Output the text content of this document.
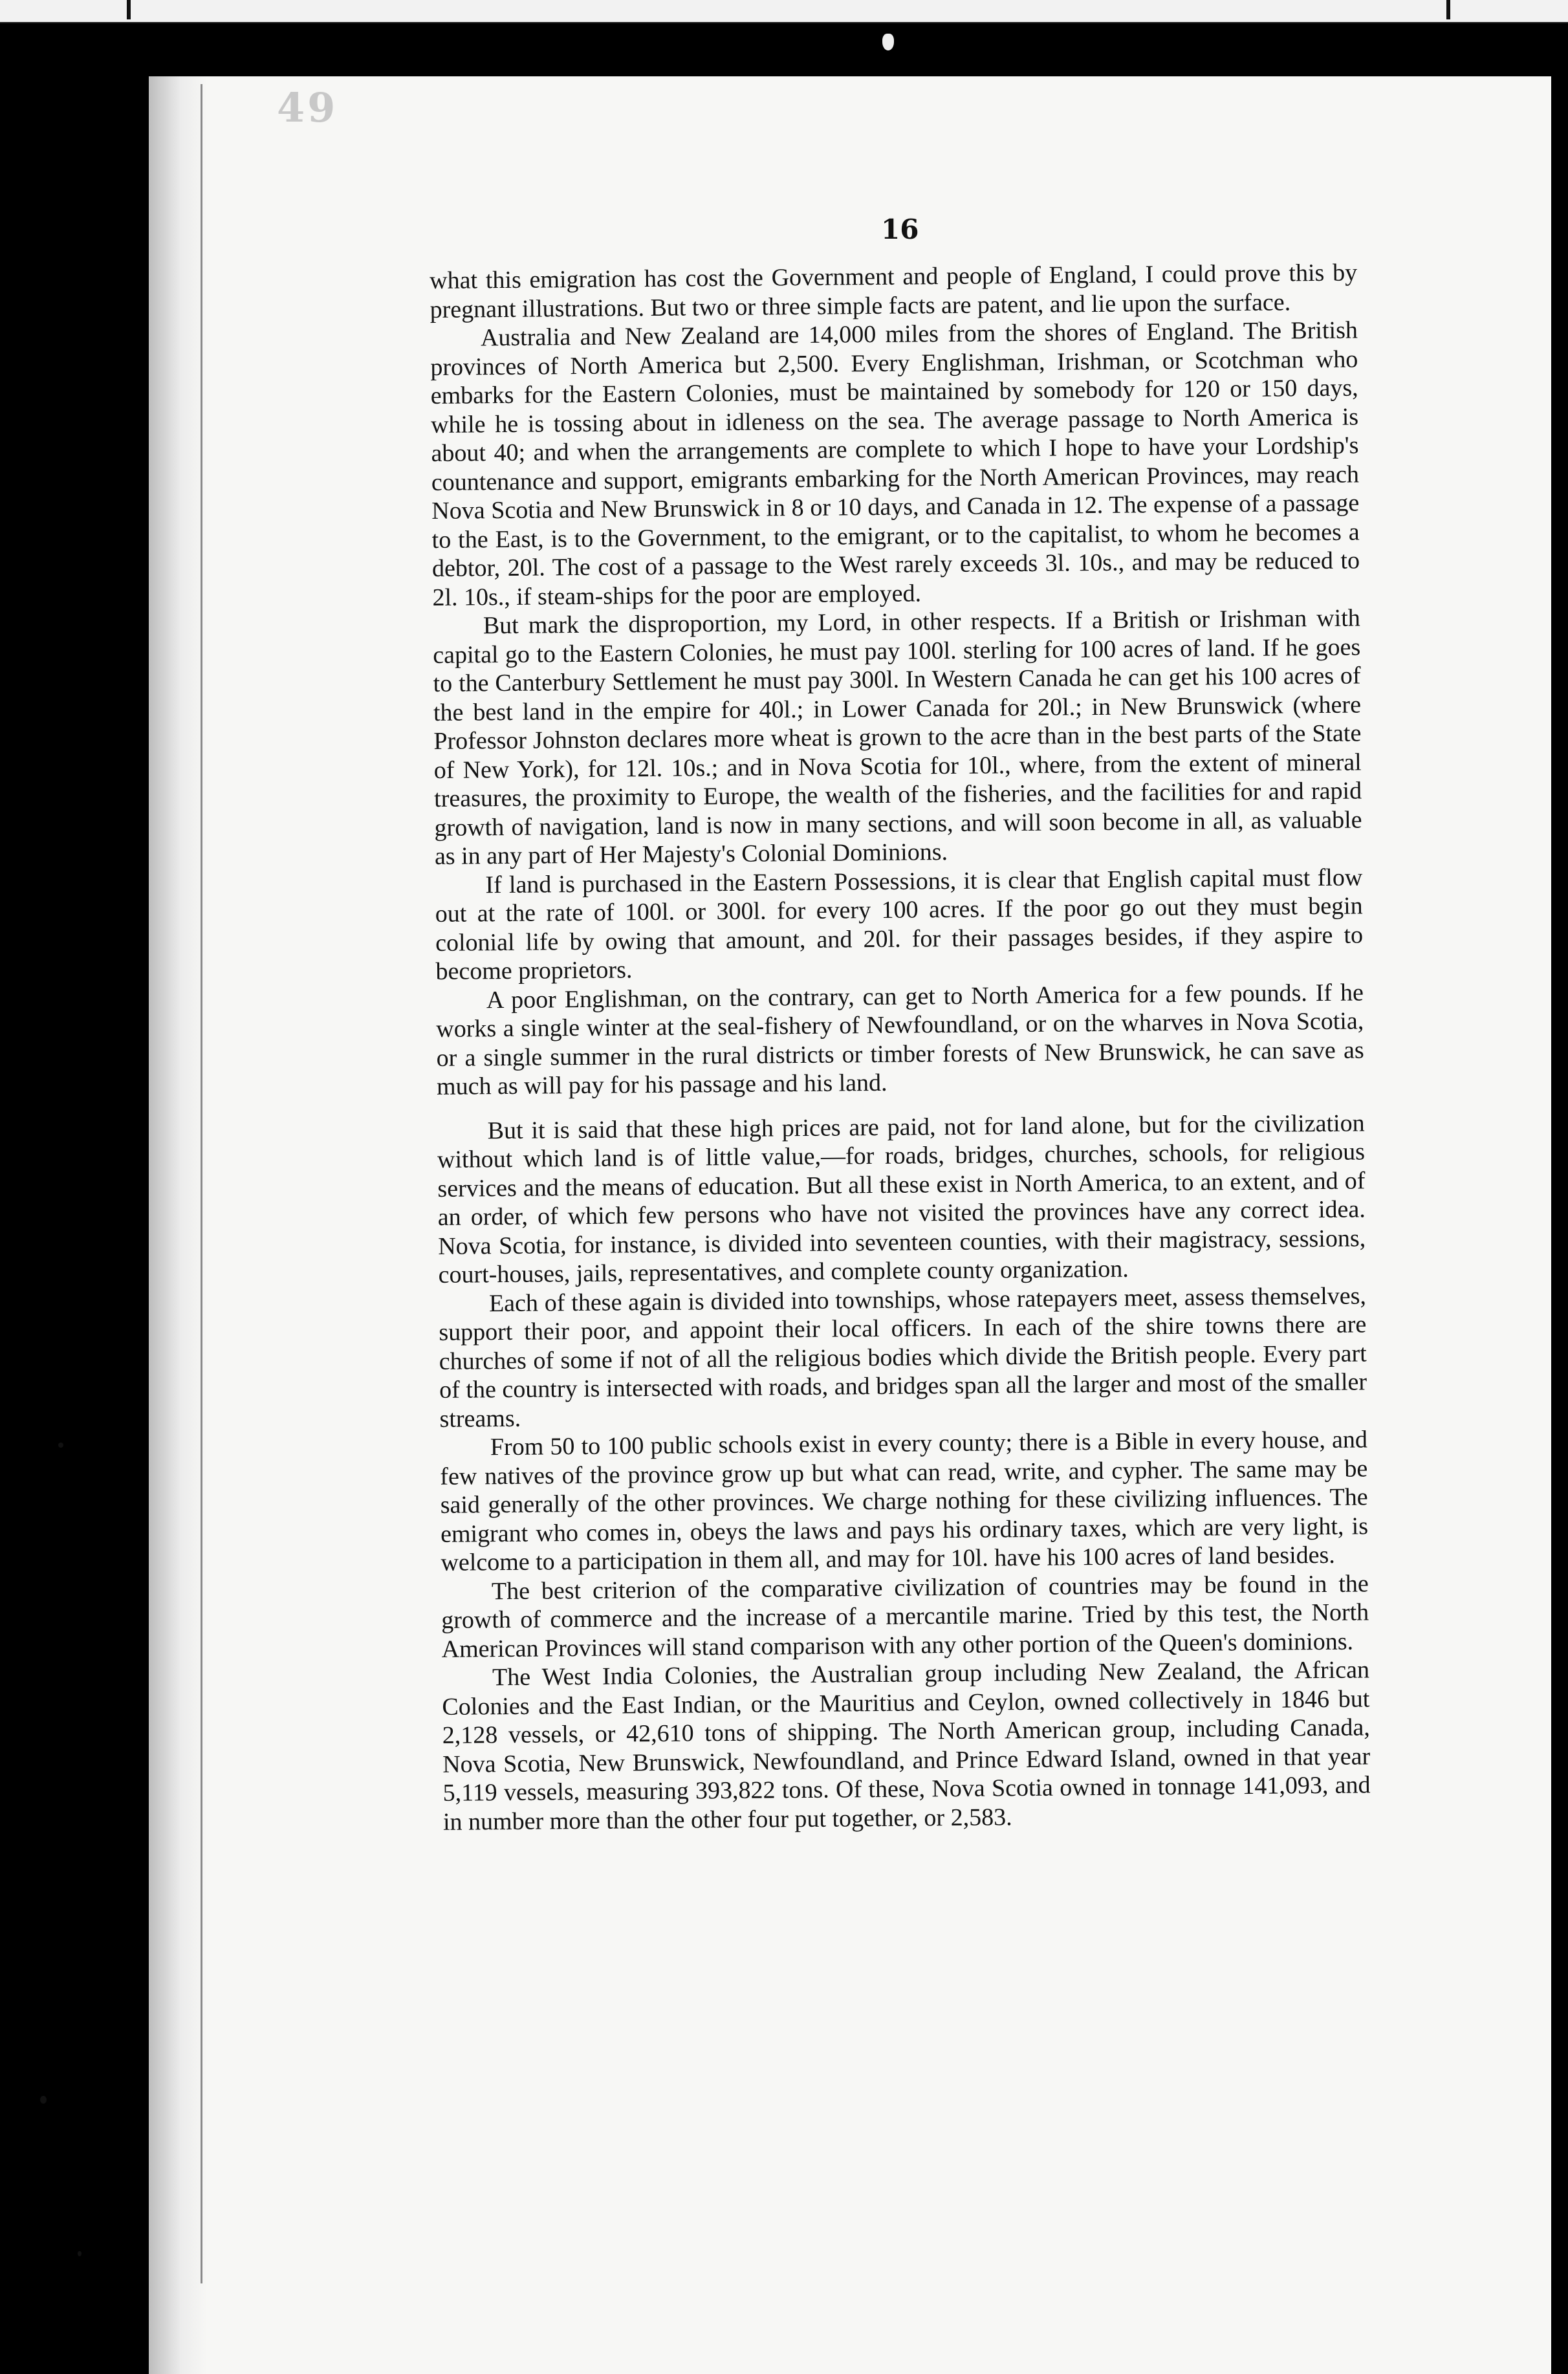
49
16

what this emigration has cost the Government and people of England, I could prove this by pregnant illustrations. But two or three simple facts are patent, and lie upon the surface.

Australia and New Zealand are 14,000 miles from the shores of England. The British provinces of North America but 2,500. Every Englishman, Irishman, or Scotchman who embarks for the Eastern Colonies, must be maintained by somebody for 120 or 150 days, while he is tossing about in idleness on the sea. The average passage to North America is about 40; and when the arrangements are complete to which I hope to have your Lordship's countenance and support, emigrants embarking for the North American Provinces, may reach Nova Scotia and New Brunswick in 8 or 10 days, and Canada in 12. The expense of a passage to the East, is to the Government, to the emigrant, or to the capitalist, to whom he becomes a debtor, 20l. The cost of a passage to the West rarely exceeds 3l. 10s., and may be reduced to 2l. 10s., if steam-ships for the poor are employed.

But mark the disproportion, my Lord, in other respects. If a British or Irishman with capital go to the Eastern Colonies, he must pay 100l. sterling for 100 acres of land. If he goes to the Canterbury Settlement he must pay 300l. In Western Canada he can get his 100 acres of the best land in the empire for 40l.; in Lower Canada for 20l.; in New Brunswick (where Professor Johnston declares more wheat is grown to the acre than in the best parts of the State of New York), for 12l. 10s.; and in Nova Scotia for 10l., where, from the extent of mineral treasures, the proximity to Europe, the wealth of the fisheries, and the facilities for and rapid growth of navigation, land is now in many sections, and will soon become in all, as valuable as in any part of Her Majesty's Colonial Dominions.

If land is purchased in the Eastern Possessions, it is clear that English capital must flow out at the rate of 100l. or 300l. for every 100 acres. If the poor go out they must begin colonial life by owing that amount, and 20l. for their passages besides, if they aspire to become proprietors.

A poor Englishman, on the contrary, can get to North America for a few pounds. If he works a single winter at the seal-fishery of Newfoundland, or on the wharves in Nova Scotia, or a single summer in the rural districts or timber forests of New Brunswick, he can save as much as will pay for his passage and his land.

But it is said that these high prices are paid, not for land alone, but for the civilization without which land is of little value,—for roads, bridges, churches, schools, for religious services and the means of education. But all these exist in North America, to an extent, and of an order, of which few persons who have not visited the provinces have any correct idea. Nova Scotia, for instance, is divided into seventeen counties, with their magistracy, sessions, court-houses, jails, representatives, and complete county organization.

Each of these again is divided into townships, whose ratepayers meet, assess themselves, support their poor, and appoint their local officers. In each of the shire towns there are churches of some if not of all the religious bodies which divide the British people. Every part of the country is intersected with roads, and bridges span all the larger and most of the smaller streams.

From 50 to 100 public schools exist in every county; there is a Bible in every house, and few natives of the province grow up but what can read, write, and cypher. The same may be said generally of the other provinces. We charge nothing for these civilizing influences. The emigrant who comes in, obeys the laws and pays his ordinary taxes, which are very light, is welcome to a participation in them all, and may for 10l. have his 100 acres of land besides.

The best criterion of the comparative civilization of countries may be found in the growth of commerce and the increase of a mercantile marine. Tried by this test, the North American Provinces will stand comparison with any other portion of the Queen's dominions.

The West India Colonies, the Australian group including New Zealand, the African Colonies and the East Indian, or the Mauritius and Ceylon, owned collectively in 1846 but 2,128 vessels, or 42,610 tons of shipping. The North American group, including Canada, Nova Scotia, New Brunswick, Newfoundland, and Prince Edward Island, owned in that year 5,119 vessels, measuring 393,822 tons. Of these, Nova Scotia owned in tonnage 141,093, and in number more than the other four put together, or 2,583.
